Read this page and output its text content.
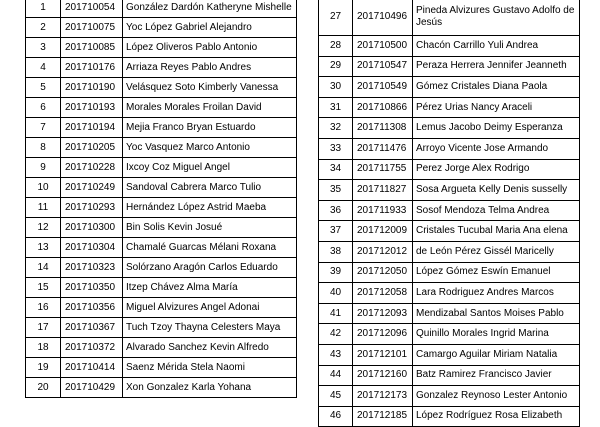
1	201710054	González Dardón Katheryne Mishelle
2	201710075	Yoc López Gabriel Alejandro
3	201710085	López Oliveros Pablo Antonio
4	201710176	Arriaza Reyes Pablo Andres
5	201710190	Velásquez Soto Kimberly Vanessa
6	201710193	Morales Morales Froilan David
7	201710194	Mejia Franco Bryan Estuardo
8	201710205	Yoc Vasquez Marco Antonio
9	201710228	Ixcoy Coz Miguel Angel
10	201710249	Sandoval Cabrera Marco Tulio
11	201710293	Hernández López Astrid Maeba
12	201710300	Bin Solis Kevin Josué
13	201710304	Chamalé Guarcas Mélani Roxana
14	201710323	Solórzano Aragón Carlos Eduardo
15	201710350	Itzep Chávez Alma María
16	201710356	Miguel Alvizures Angel Adonai
17	201710367	Tuch Tzoy Thayna Celesters Maya
18	201710372	Alvarado Sanchez Kevin Alfredo
19	201710414	Saenz Mérida Stela Naomi
20	201710429	Xon Gonzalez Karla Yohana
27	201710496	Pineda Alvizures Gustavo Adolfo de Jesús
28	201710500	Chacón Carrillo Yuli Andrea
29	201710547	Peraza Herrera Jennifer Jeanneth
30	201710549	Gómez Cristales Diana Paola
31	201710866	Pérez Urias Nancy Araceli
32	201711308	Lemus Jacobo Deimy Esperanza
33	201711476	Arroyo Vicente Jose Armando
34	201711755	Perez Jorge Alex Rodrigo
35	201711827	Sosa Argueta Kelly Denis susselly
36	201711933	Sosof Mendoza Telma Andrea
37	201712009	Cristales Tucubal Maria Ana elena
38	201712012	de León Pérez Gissél Maricelly
39	201712050	López Gómez Eswín Emanuel
40	201712058	Lara Rodriguez Andres Marcos
41	201712093	Mendizabal Santos Moises Pablo
42	201712096	Quinillo Morales Ingrid Marina
43	201712101	Camargo Aguilar Miriam Natalia
44	201712160	Batz Ramirez Francisco Javier
45	201712173	Gonzalez Reynoso Lester Antonio
46	201712185	López Rodríguez Rosa Elizabeth
